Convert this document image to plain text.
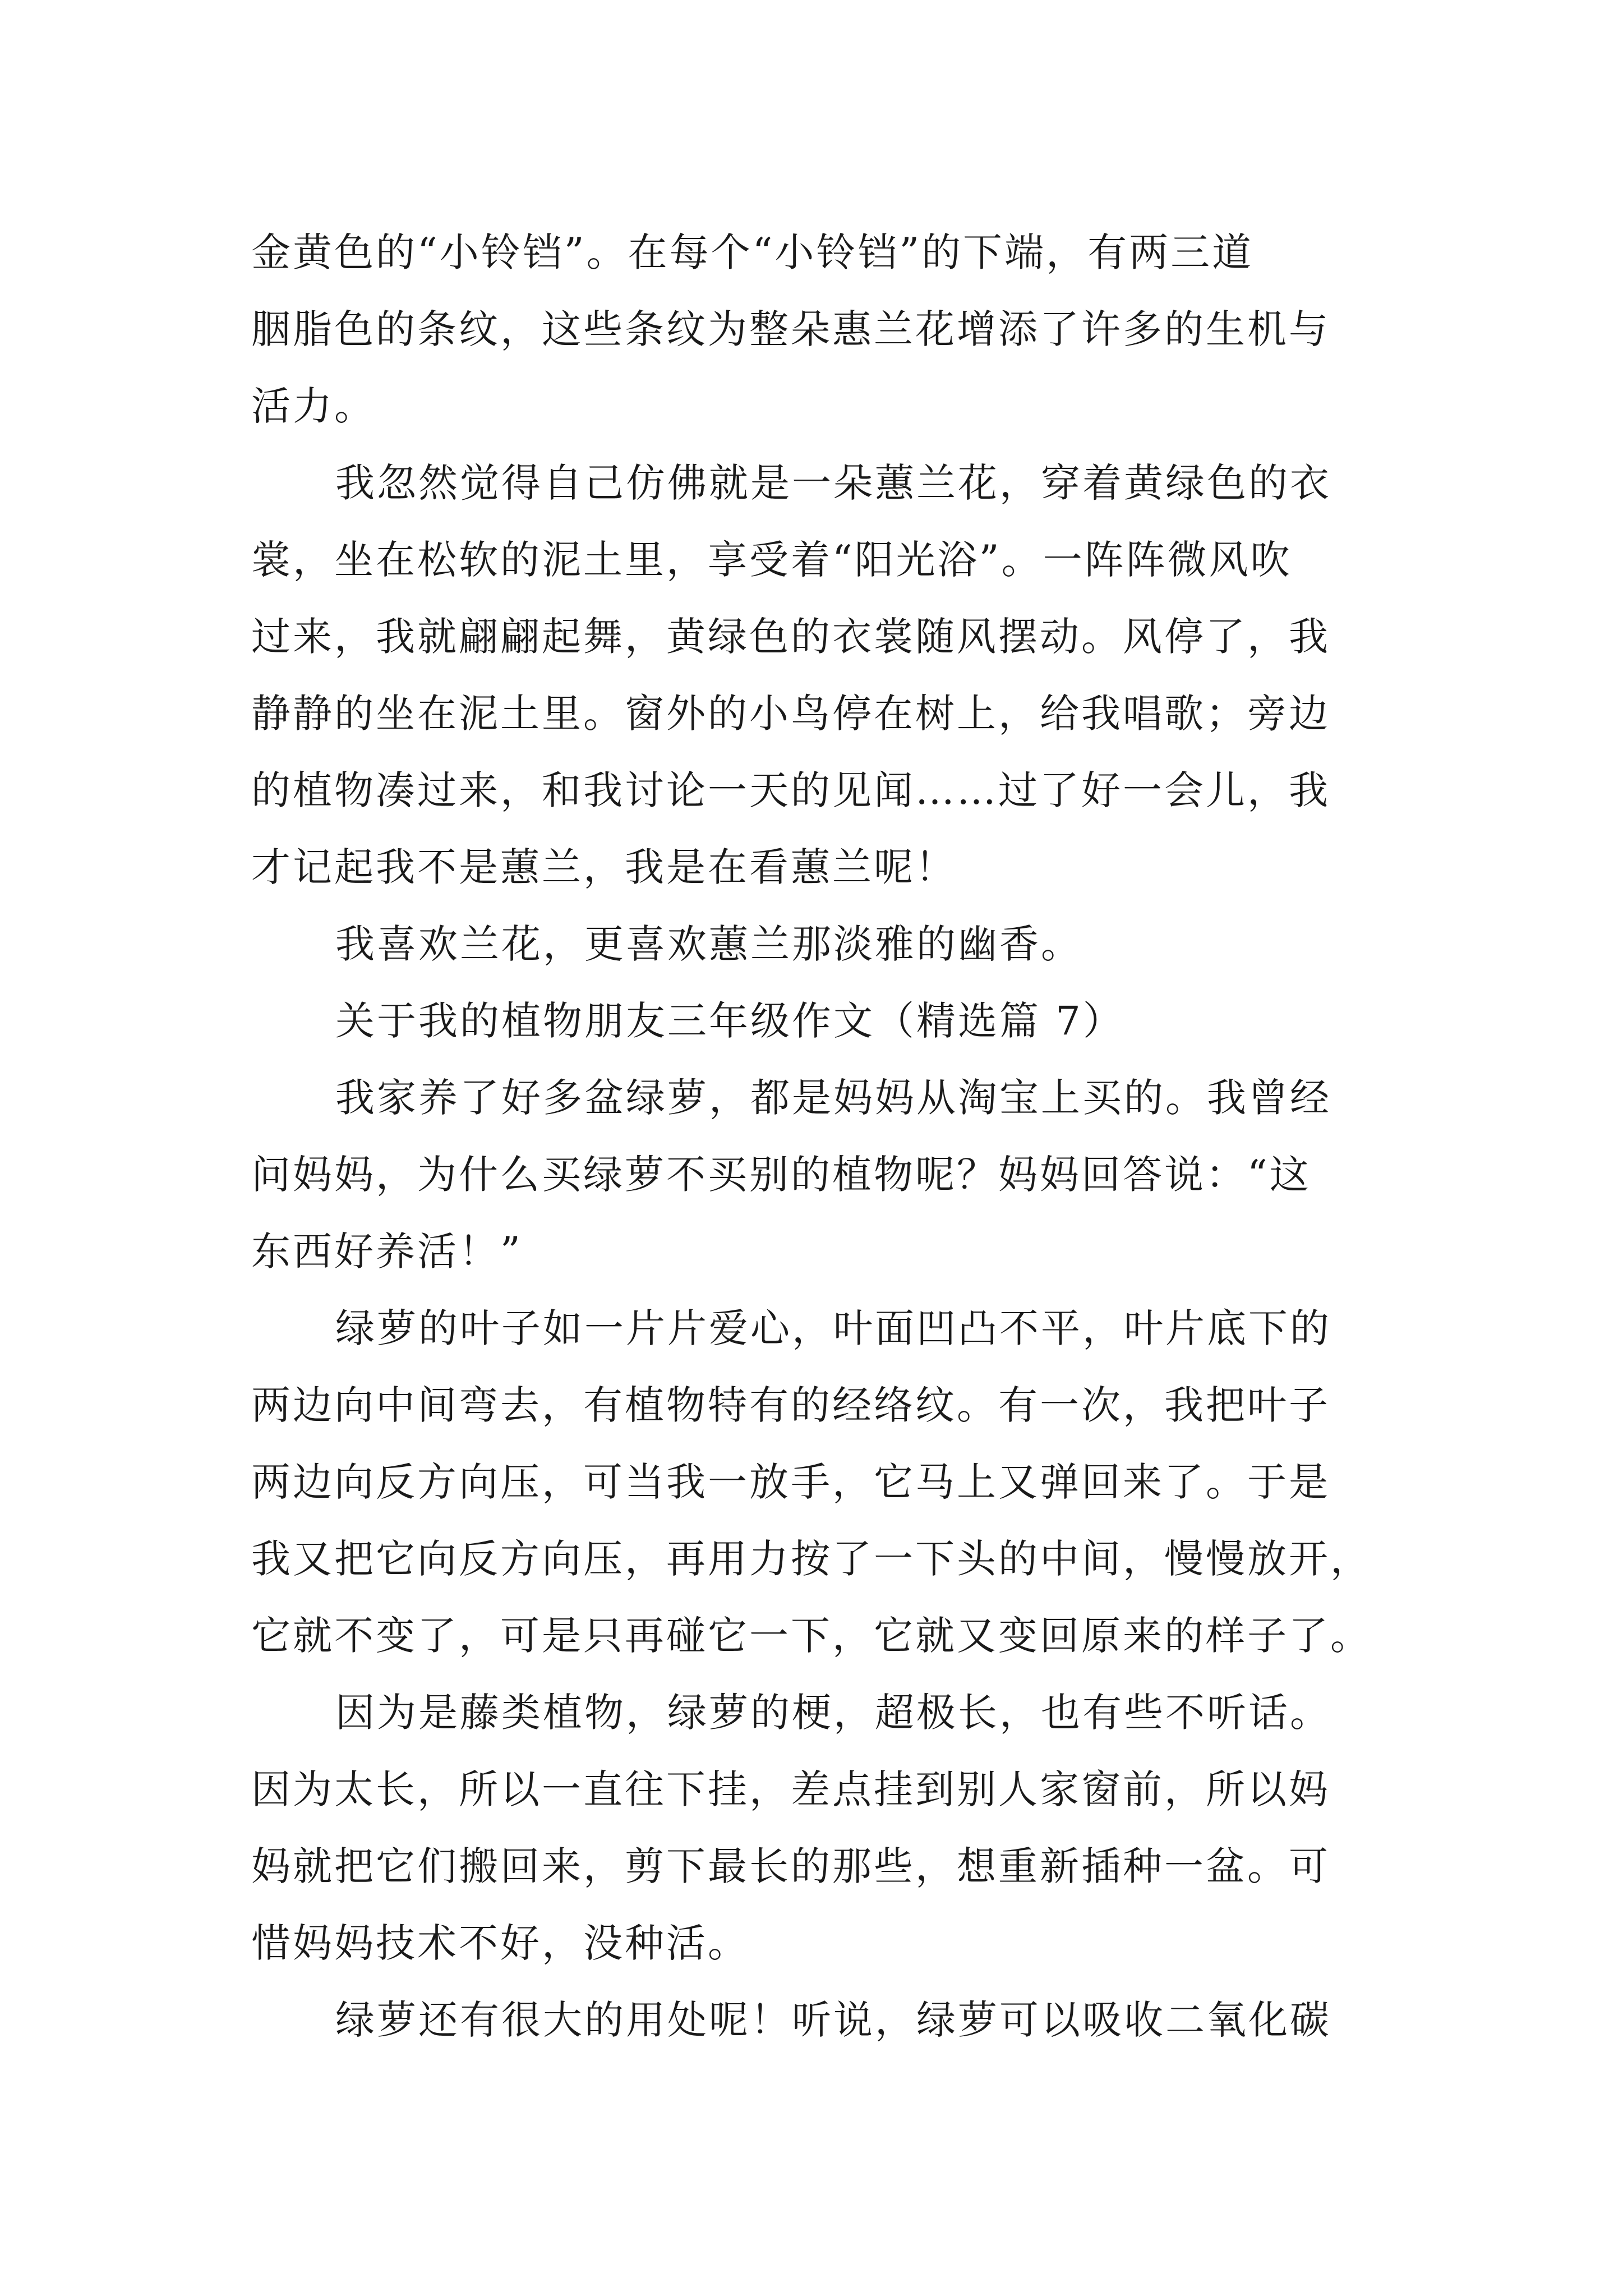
金黄色的“小铃铛”。在每个“小铃铛”的下端，有两三道
胭脂色的条纹，这些条纹为整朵惠兰花增添了许多的生机与
活力。
我忽然觉得自己仿佛就是一朵蕙兰花，穿着黄绿色的衣
裳，坐在松软的泥土里，享受着“阳光浴”。一阵阵微风吹
过来，我就翩翩起舞，黄绿色的衣裳随风摆动。风停了，我
静静的坐在泥土里。窗外的小鸟停在树上，给我唱歌；旁边
的植物凑过来，和我讨论一天的见闻……过了好一会儿，我
才记起我不是蕙兰，我是在看蕙兰呢！
我喜欢兰花，更喜欢蕙兰那淡雅的幽香。
关于我的植物朋友三年级作文（精选篇 7）
我家养了好多盆绿萝，都是妈妈从淘宝上买的。我曾经
问妈妈，为什么买绿萝不买别的植物呢？妈妈回答说：“这
东西好养活！”
绿萝的叶子如一片片爱心，叶面凹凸不平，叶片底下的
两边向中间弯去，有植物特有的经络纹。有一次，我把叶子
两边向反方向压，可当我一放手，它马上又弹回来了。于是
我又把它向反方向压，再用力按了一下头的中间，慢慢放开，
它就不变了，可是只再碰它一下，它就又变回原来的样子了。
因为是藤类植物，绿萝的梗，超极长，也有些不听话。
因为太长，所以一直往下挂，差点挂到别人家窗前，所以妈
妈就把它们搬回来，剪下最长的那些，想重新插种一盆。可
惜妈妈技术不好，没种活。
绿萝还有很大的用处呢！听说，绿萝可以吸收二氧化碳
